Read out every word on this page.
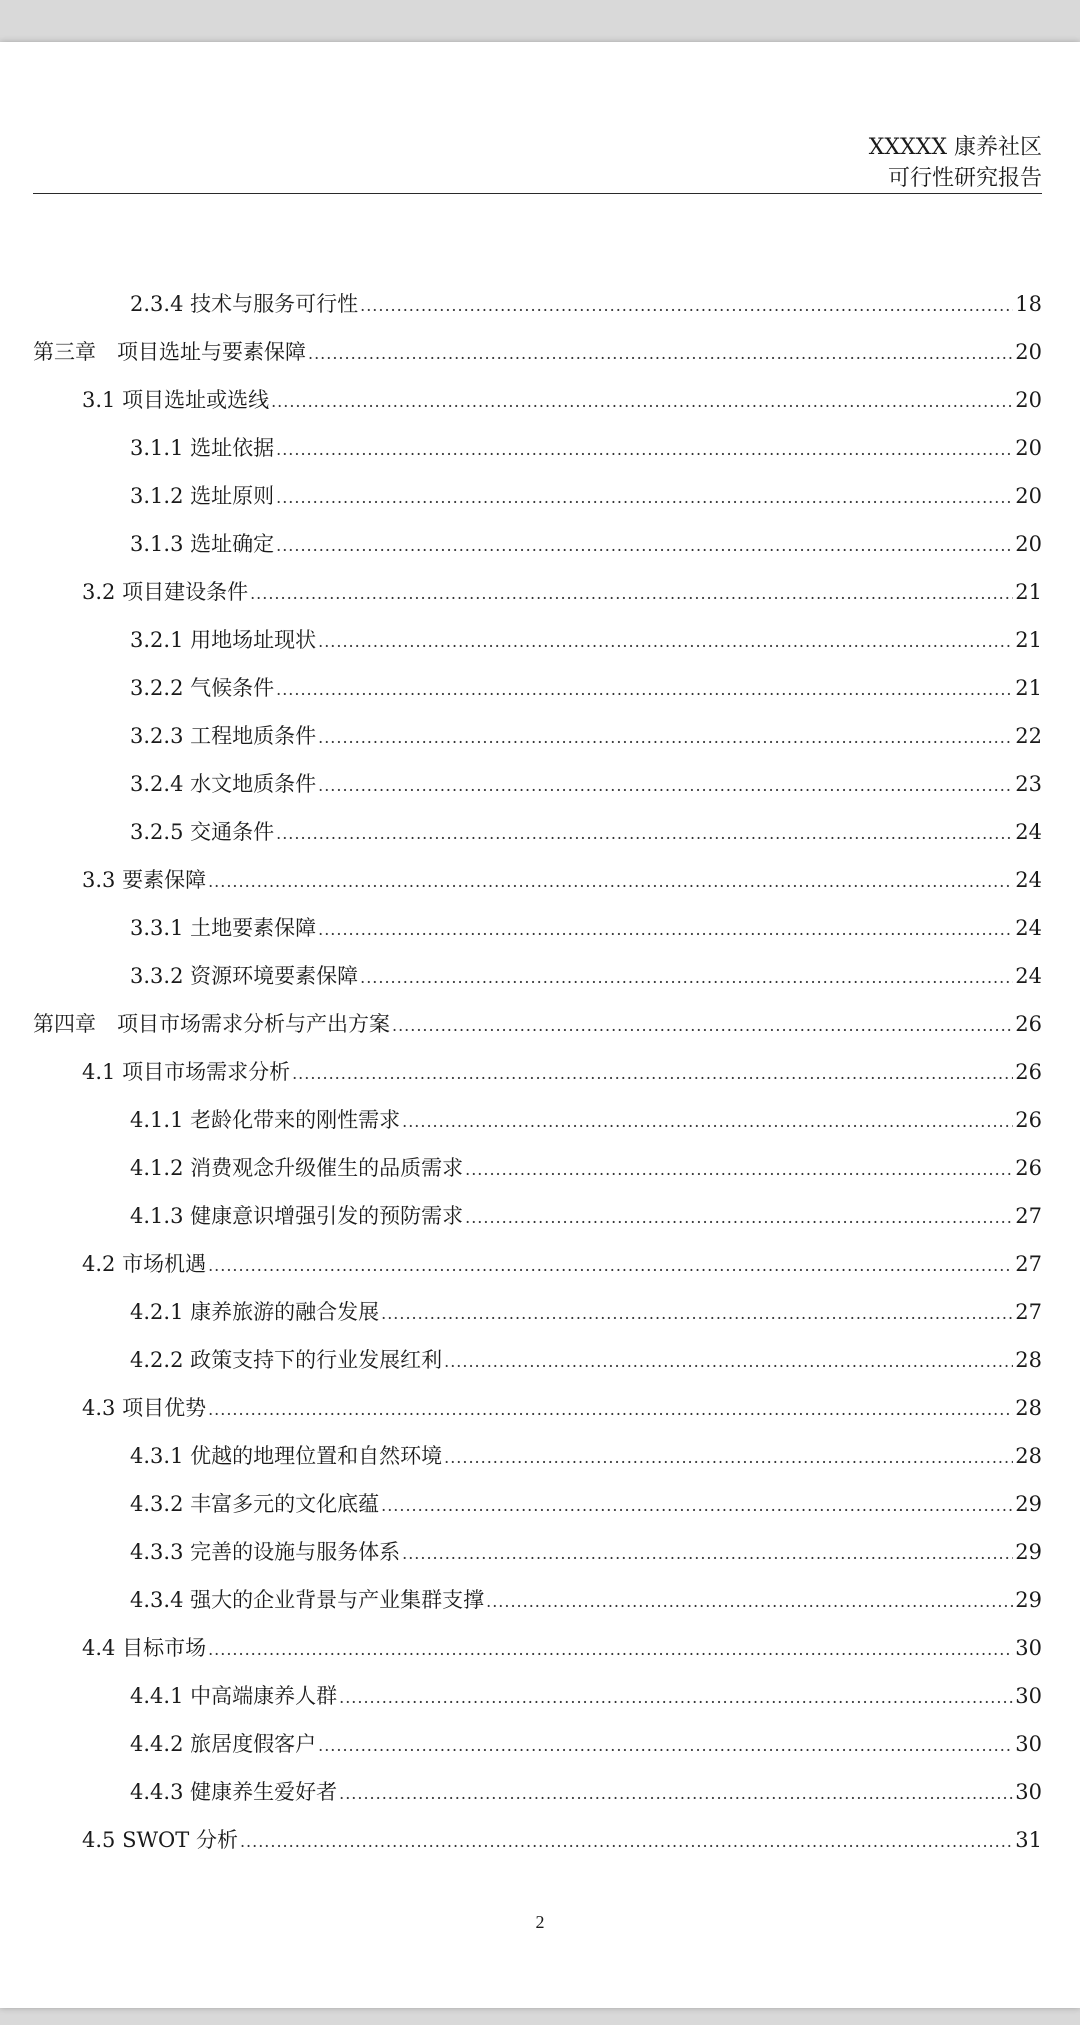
XXXXX 康养社区
可行性研究报告
2.3.4 技术与服务可行性 .....	18
第三章　项目选址与要素保障 .....	20
3.1 项目选址或选线 .....	20
3.1.1 选址依据 .....	20
3.1.2 选址原则 .....	20
3.1.3 选址确定 .....	20
3.2 项目建设条件 .....	21
3.2.1 用地场址现状 .....	21
3.2.2 气候条件 .....	21
3.2.3 工程地质条件 .....	22
3.2.4 水文地质条件 .....	23
3.2.5 交通条件 .....	24
3.3 要素保障 .....	24
3.3.1 土地要素保障 .....	24
3.3.2 资源环境要素保障 .....	24
第四章　项目市场需求分析与产出方案 .....	26
4.1 项目市场需求分析 .....	26
4.1.1 老龄化带来的刚性需求 .....	26
4.1.2 消费观念升级催生的品质需求 .....	26
4.1.3 健康意识增强引发的预防需求 .....	27
4.2 市场机遇 .....	27
4.2.1 康养旅游的融合发展 .....	27
4.2.2 政策支持下的行业发展红利 .....	28
4.3 项目优势 .....	28
4.3.1 优越的地理位置和自然环境 .....	28
4.3.2 丰富多元的文化底蕴 .....	29
4.3.3 完善的设施与服务体系 .....	29
4.3.4 强大的企业背景与产业集群支撑 .....	29
4.4 目标市场 .....	30
4.4.1 中高端康养人群 .....	30
4.4.2 旅居度假客户 .....	30
4.4.3 健康养生爱好者 .....	30
4.5 SWOT 分析 .....	31
2
